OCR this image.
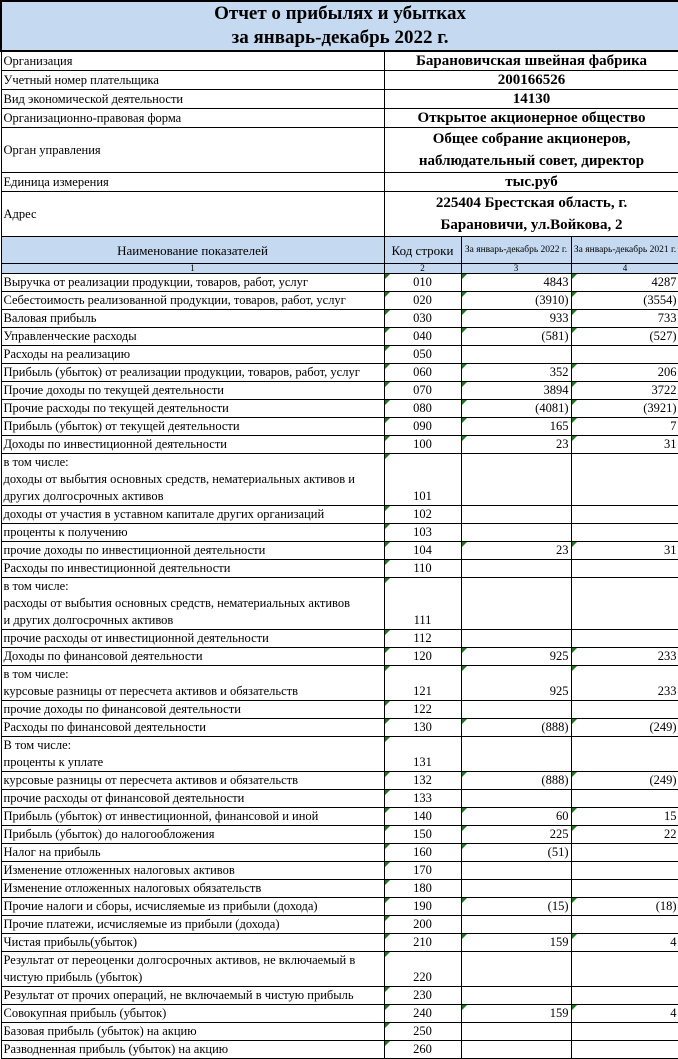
Отчет о прибылях и убытках
за январь-декабрь 2022 г.			

Организация	Барановичская швейная фабрика		
Учетный номер плательщика	200166526		
Вид экономической деятельности	14130		
Организационно-правовая форма	Открытое акционерное общество		
Орган управления	Общее собрание акционеров,
наблюдательный совет, директор		

Единица измерения	тыс.руб		
Адрес	225404 Брестская область, г.
Барановичи, ул.Войкова, 2		

Наименование показателей	Код строки	За январь-декабрь 2022 г.	За январь-декабрь 2021 г.
1	2	3	4

Выручка от реализации продукции, товаров, работ, услуг	010	4843	4287

Себестоимость реализованной продукции, товаров, работ, услуг	020	(3910)	(3554)

Валовая прибыль	030	933	733

Управленческие расходы	040	(581)	(527)

Расходы на реализацию	050		

Прибыль (убыток) от реализации продукции, товаров, работ, услуг	060	352	206

Прочие доходы по текущей деятельности	070	3894	3722

Прочие расходы по текущей деятельности	080	(4081)	(3921)

Прибыль (убыток) от текущей деятельности	090	165	7

Доходы по инвестиционной деятельности	100	23	31

в том числе:
доходы от выбытия основных средств, нематериальных активов и
других долгосрочных активов	101		

доходы от участия в уставном капитале других организаций	102		

проценты к получению	103		

прочие доходы по инвестиционной деятельности	104	23	31

Расходы по инвестиционной деятельности	110		

в том числе:
расходы от выбытия основных средств, нематериальных активов
и других долгосрочных активов	111		

прочие расходы от инвестиционной деятельности	112		

Доходы по финансовой деятельности	120	925	233

в том числе:
курсовые разницы от пересчета активов и обязательств	121	925	233

прочие доходы по финансовой деятельности	122		

Расходы по финансовой деятельности	130	(888)	(249)

В том числе:
проценты к уплате	131		

курсовые разницы от пересчета активов и обязательств	132	(888)	(249)

прочие расходы от финансовой деятельности	133		

Прибыль (убыток) от инвестиционной, финансовой и иной	140	60	15

Прибыль (убыток) до налогообложения	150	225	22

Налог на прибыль	160	(51)	

Изменение отложенных налоговых активов	170		

Изменение отложенных налоговых обязательств	180		

Прочие налоги и сборы, исчисляемые из прибыли (дохода)	190	(15)	(18)

Прочие платежи, исчисляемые из прибыли (дохода)	200		

Чистая прибыль(убыток)	210	159	4

Результат от переоценки долгосрочных активов, не включаемый в
чистую прибыль (убыток)	220		

Результат от прочих операций, не включаемый в чистую прибыль	230		

Совокупная прибыль (убыток)	240	159	4

Базовая прибыль (убыток) на акцию	250		

Разводненная прибыль (убыток) на акцию	260		
